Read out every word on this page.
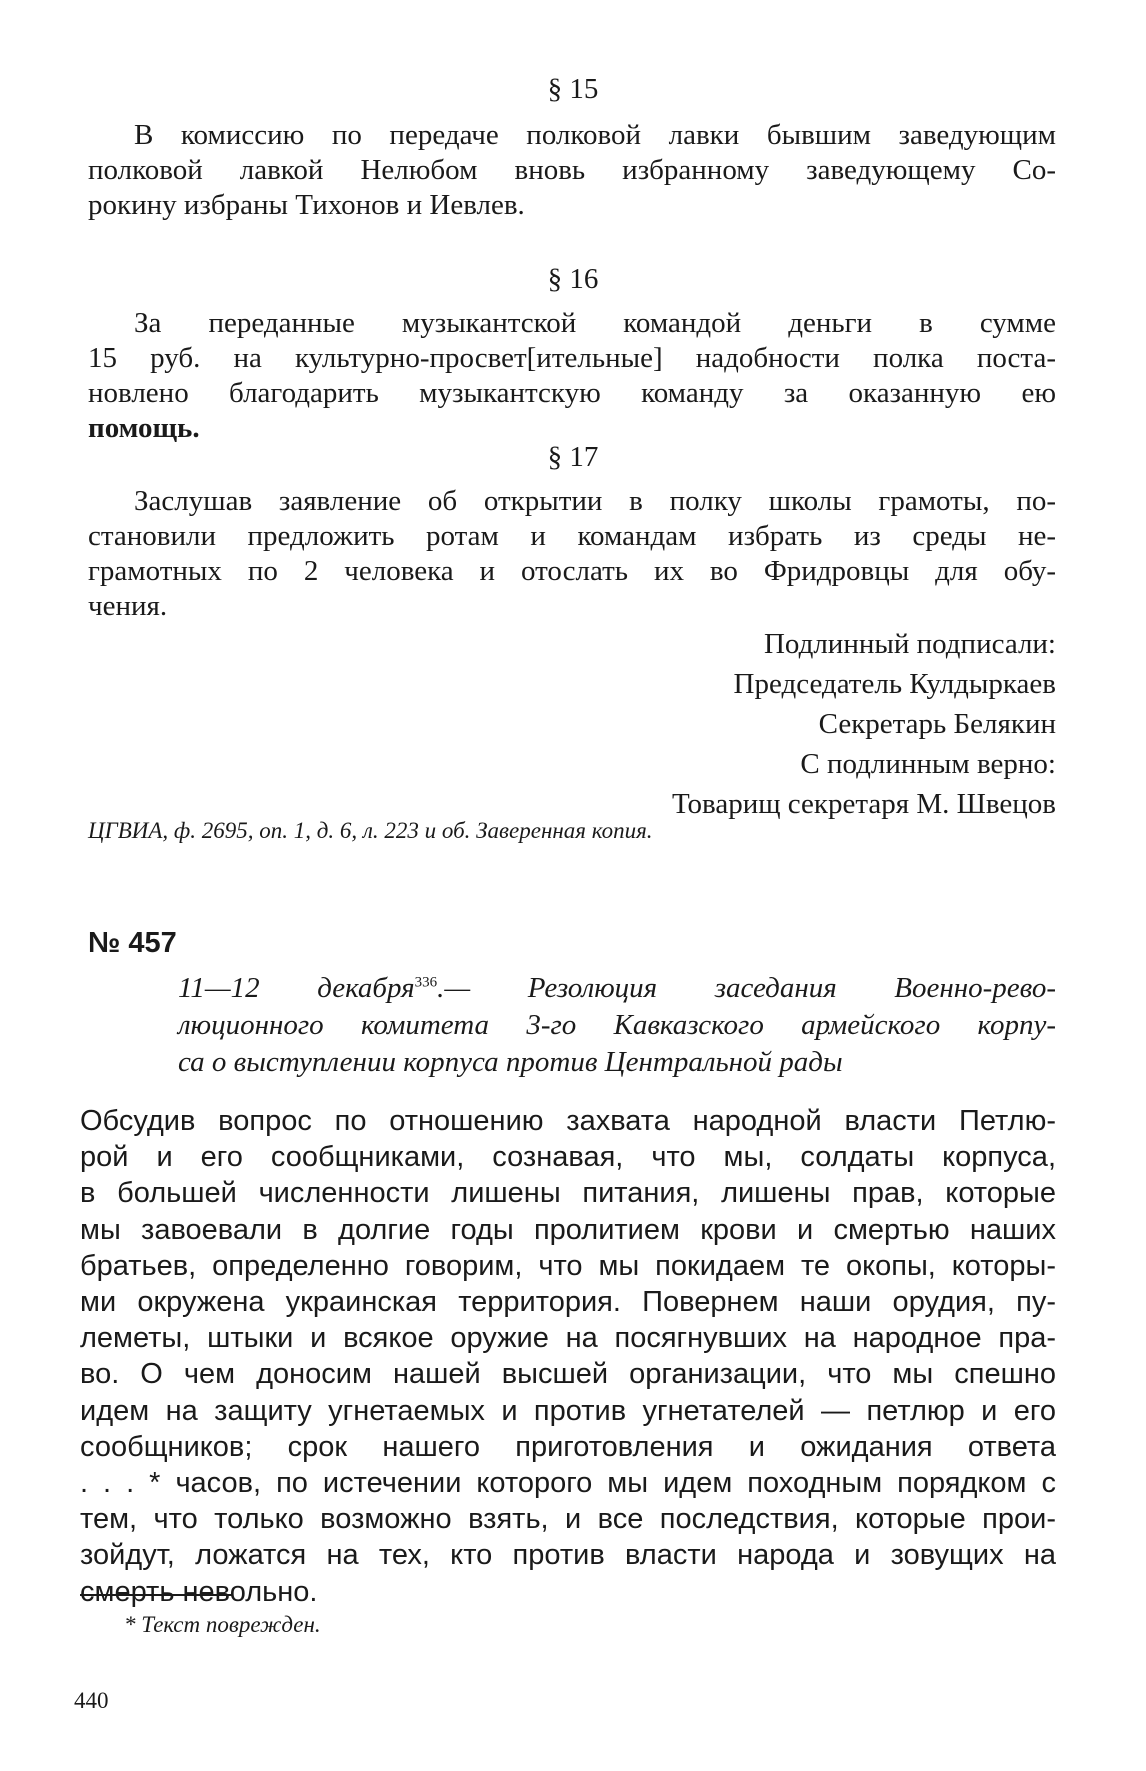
§ 15
В комиссию по передаче полковой лавки бывшим заведующим
полковой лавкой Нелюбом вновь избранному заведующему Со-
рокину избраны Тихонов и Иевлев.
§ 16
За переданные музыкантской командой деньги в сумме
15 руб. на культурно-просвет[ительные] надобности полка поста-
новлено благодарить музыкантскую команду за оказанную ею
помощь.
§ 17
Заслушав заявление об открытии в полку школы грамоты, по-
становили предложить ротам и командам избрать из среды не-
грамотных по 2 человека и отослать их во Фридровцы для обу-
чения.
Подлинный подписали:
Председатель Кулдыркаев
Секретарь Белякин
С подлинным верно:
Товарищ секретаря М. Швецов
ЦГВИА, ф. 2695, оп. 1, д. 6, л. 223 и об. Заверенная копия.
№ 457
11—12 декабря$^{336}$.— Резолюция заседания Военно-рево-
люционного комитета 3-го Кавказского армейского корпу-
са о выступлении корпуса против Центральной рады
Обсудив вопрос по отношению захвата народной власти Петлю-
рой и его сообщниками, сознавая, что мы, солдаты корпуса,
в большей численности лишены питания, лишены прав, которые
мы завоевали в долгие годы пролитием крови и смертью наших
братьев, определенно говорим, что мы покидаем те окопы, которы-
ми окружена украинская территория. Повернем наши орудия, пу-
леметы, штыки и всякое оружие на посягнувших на народное пра-
во. О чем доносим нашей высшей организации, что мы спешно
идем на защиту угнетаемых и против угнетателей — петлюр и его
сообщников; срок нашего приготовления и ожидания ответа
. . . * часов, по истечении которого мы идем походным порядком с
тем, что только возможно взять, и все последствия, которые прои-
зойдут, ложатся на тех, кто против власти народа и зовущих на
смерть невольно.
* Текст поврежден.
440
